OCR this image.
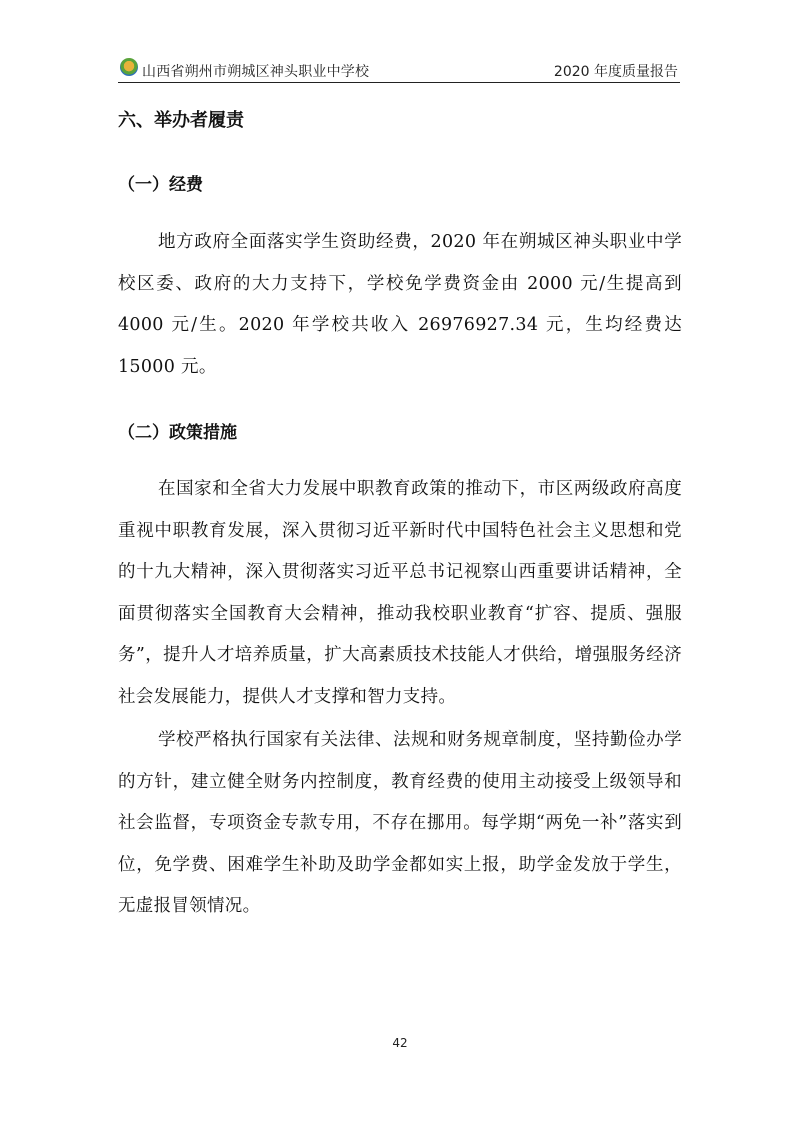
山西省朔州市朔城区神头职业中学校	2020 年度质量报告
六、举办者履责
（一）经费

地方政府全面落实学生资助经费，2020 年在朔城区神头职业中学校区委、政府的大力支持下，学校免学费资金由 2000 元/生提高到 4000 元/生。2020 年学校共收入 26976927.34 元，生均经费达 15000 元。

（二）政策措施

在国家和全省大力发展中职教育政策的推动下，市区两级政府高度重视中职教育发展，深入贯彻习近平新时代中国特色社会主义思想和党的十九大精神，深入贯彻落实习近平总书记视察山西重要讲话精神，全面贯彻落实全国教育大会精神，推动我校职业教育“扩容、提质、强服务”，提升人才培养质量，扩大高素质技术技能人才供给，增强服务经济社会发展能力，提供人才支撑和智力支持。

学校严格执行国家有关法律、法规和财务规章制度，坚持勤俭办学的方针，建立健全财务内控制度，教育经费的使用主动接受上级领导和社会监督，专项资金专款专用，不存在挪用。每学期“两免一补”落实到位，免学费、困难学生补助及助学金都如实上报，助学金发放于学生，无虚报冒领情况。

42
